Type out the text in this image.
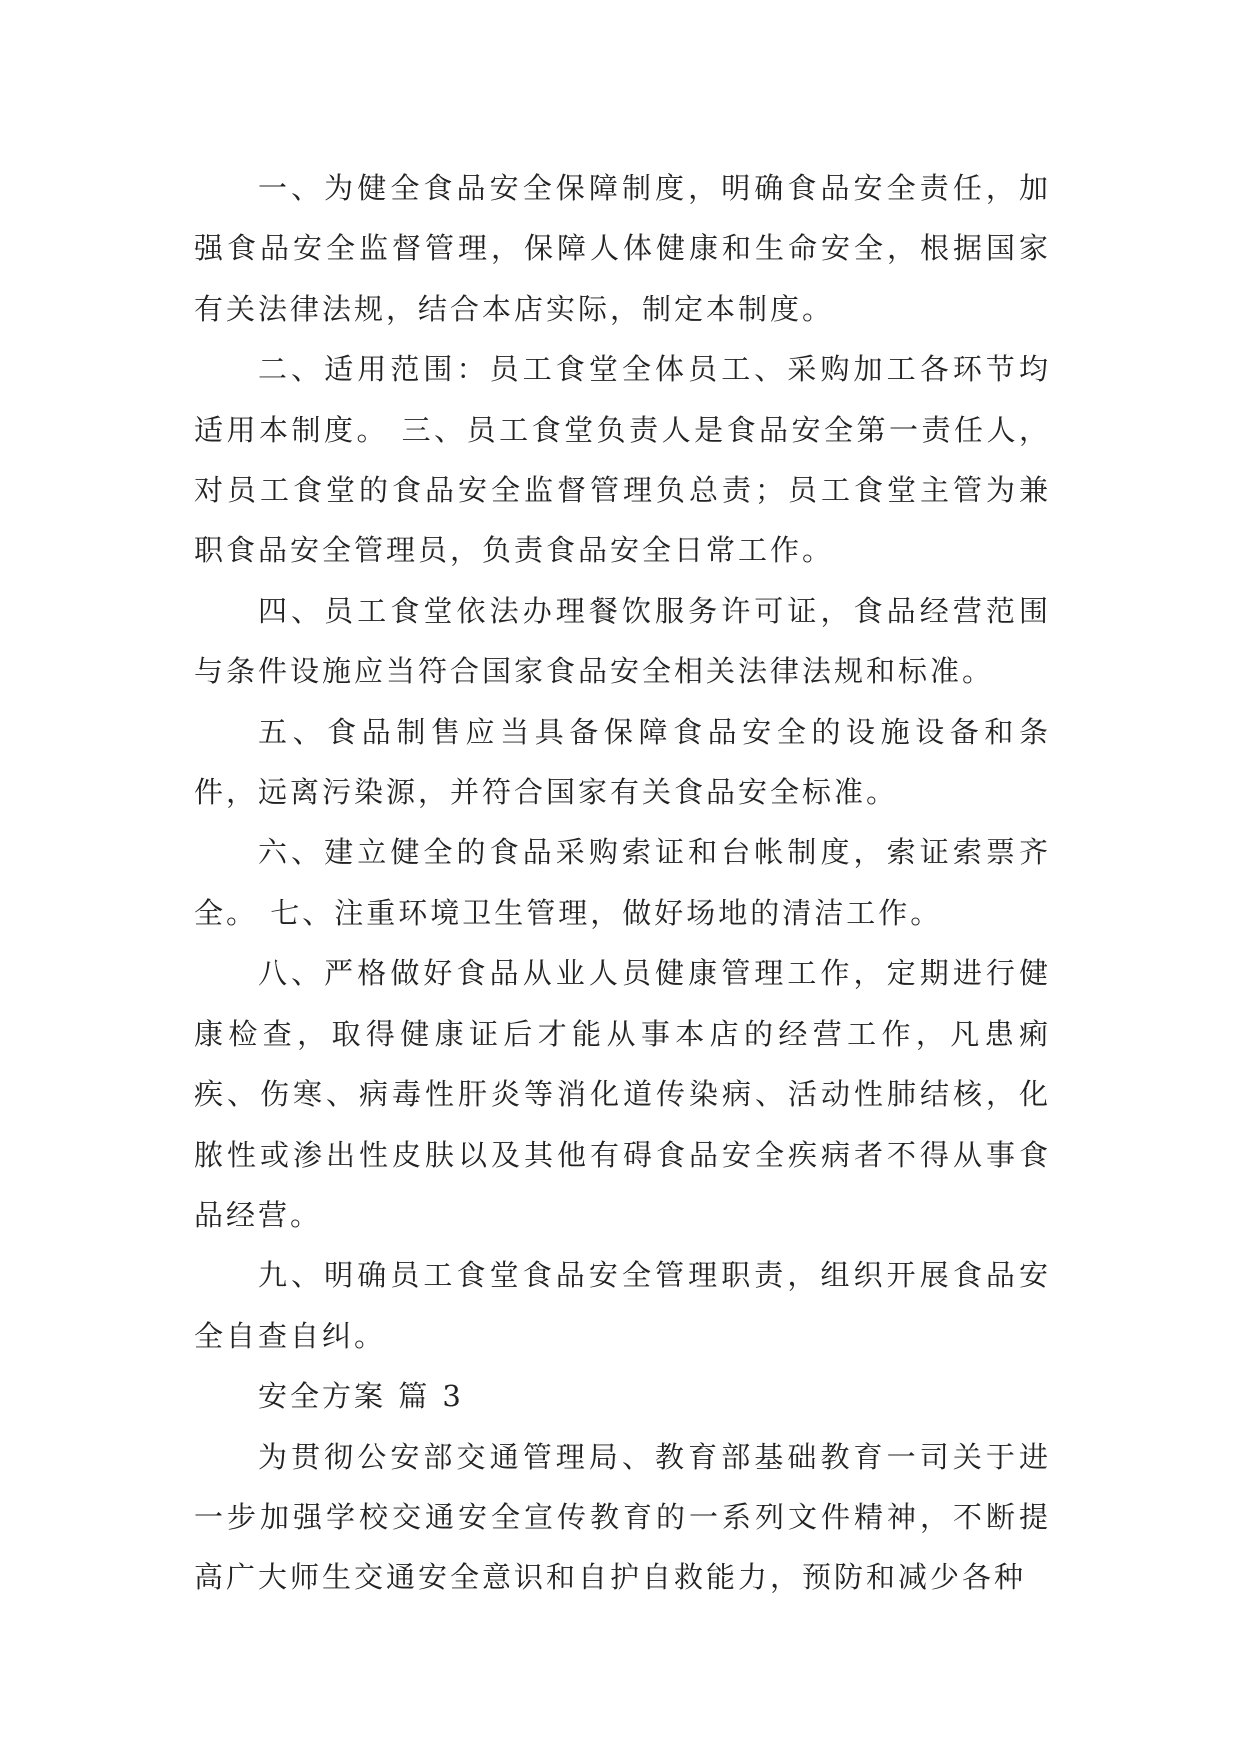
一、为健全食品安全保障制度，明确食品安全责任，加强食品安全监督管理，保障人体健康和生命安全，根据国家有关法律法规，结合本店实际，制定本制度。

二、适用范围：员工食堂全体员工、采购加工各环节均适用本制度。 三、员工食堂负责人是食品安全第一责任人，对员工食堂的食品安全监督管理负总责；员工食堂主管为兼职食品安全管理员，负责食品安全日常工作。

四、员工食堂依法办理餐饮服务许可证，食品经营范围与条件设施应当符合国家食品安全相关法律法规和标准。

五、食品制售应当具备保障食品安全的设施设备和条件，远离污染源，并符合国家有关食品安全标准。

六、建立健全的食品采购索证和台帐制度，索证索票齐全。 七、注重环境卫生管理，做好场地的清洁工作。

八、严格做好食品从业人员健康管理工作，定期进行健康检查，取得健康证后才能从事本店的经营工作，凡患痢疾、伤寒、病毒性肝炎等消化道传染病、活动性肺结核，化脓性或渗出性皮肤以及其他有碍食品安全疾病者不得从事食品经营。

九、明确员工食堂食品安全管理职责，组织开展食品安全自查自纠。

安全方案 篇 3

为贯彻公安部交通管理局、教育部基础教育一司关于进一步加强学校交通安全宣传教育的一系列文件精神，不断提高广大师生交通安全意识和自护自救能力，预防和减少各种
